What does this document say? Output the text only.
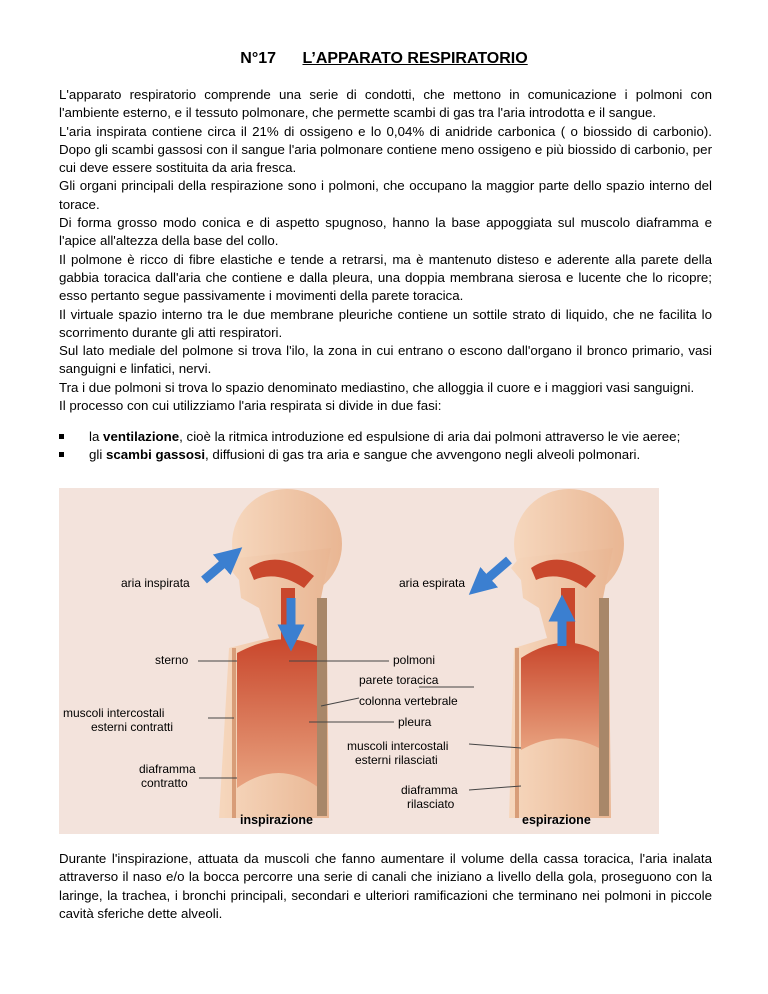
N°17 L’APPARATO RESPIRATORIO

L'apparato respiratorio comprende una serie di condotti, che mettono in comunicazione i polmoni con l'ambiente esterno, e il tessuto polmonare, che permette scambi di gas tra l'aria introdotta e il sangue.

L'aria inspirata contiene circa il 21% di ossigeno e lo 0,04% di anidride carbonica ( o biossido di carbonio). Dopo gli scambi gassosi con il sangue l'aria polmonare contiene meno ossigeno e più biossido di carbonio, per cui deve essere sostituita da aria fresca.

Gli organi principali della respirazione sono i polmoni, che occupano la maggior parte dello spazio interno del torace.

Di forma grosso modo conica e di aspetto spugnoso, hanno la base appoggiata sul muscolo diaframma e l'apice all'altezza della base del collo.

Il polmone è ricco di fibre elastiche e tende a retrarsi, ma è mantenuto disteso e aderente alla parete della gabbia toracica dall'aria che contiene e dalla pleura, una doppia membrana sierosa e lucente che lo ricopre; esso pertanto segue passivamente i movimenti della parete toracica.

Il virtuale spazio interno tra le due membrane pleuriche contiene un sottile strato di liquido, che ne facilita lo scorrimento durante gli atti respiratori.

Sul lato mediale del polmone si trova l'ilo, la zona in cui entrano o escono dall'organo il bronco primario, vasi sanguigni e linfatici, nervi.

Tra i due polmoni si trova lo spazio denominato mediastino, che alloggia il cuore e i maggiori vasi sanguigni.

Il processo con cui utilizziamo l'aria respirata si divide in due fasi:

la ventilazione, cioè la ritmica introduzione ed espulsione di aria dai polmoni attraverso le vie aeree;
gli scambi gassosi, diffusioni di gas tra aria e sangue che avvengono negli alveoli polmonari.
aria inspirata	aria espirata
sterno	polmoni
parete toracica
colonna vertebrale
muscoli intercostali
esterni contratti	pleura
muscoli intercostali
esterni rilasciati
diaframma
contratto	diaframma
rilasciato
inspirazione	espirazione
Durante l'inspirazione, attuata da muscoli che fanno aumentare il volume della cassa toracica, l'aria inalata attraverso il naso e/o la bocca percorre una serie di canali che iniziano a livello della gola, proseguono con la laringe, la trachea, i bronchi principali, secondari e ulteriori ramificazioni che terminano nei polmoni in piccole cavità sferiche dette alveoli.
